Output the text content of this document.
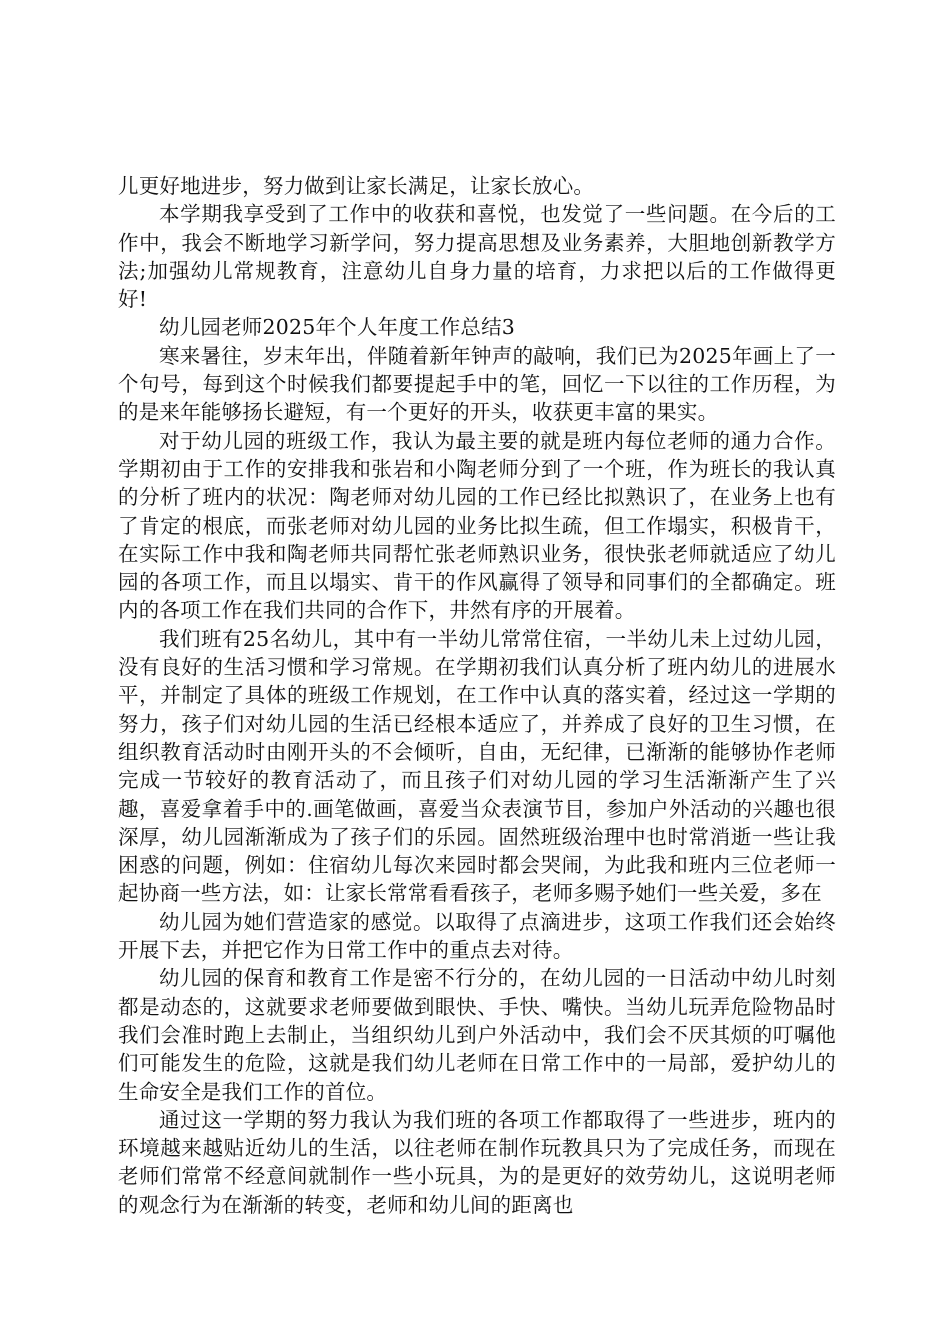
儿更好地进步，努力做到让家长满足，让家长放心。

本学期我享受到了工作中的收获和喜悦，也发觉了一些问题。在今后的工作中，我会不断地学习新学问，努力提高思想及业务素养，大胆地创新教学方法;加强幼儿常规教育，注意幼儿自身力量的培育，力求把以后的工作做得更好!

幼儿园老师2025年个人年度工作总结3

寒来暑往，岁末年出，伴随着新年钟声的敲响，我们已为2025年画上了一个句号，每到这个时候我们都要提起手中的笔，回忆一下以往的工作历程，为的是来年能够扬长避短，有一个更好的开头，收获更丰富的果实。

对于幼儿园的班级工作，我认为最主要的就是班内每位老师的通力合作。学期初由于工作的安排我和张岩和小陶老师分到了一个班，作为班长的我认真的分析了班内的状况：陶老师对幼儿园的工作已经比拟熟识了，在业务上也有了肯定的根底，而张老师对幼儿园的业务比拟生疏，但工作塌实，积极肯干，在实际工作中我和陶老师共同帮忙张老师熟识业务，很快张老师就适应了幼儿园的各项工作，而且以塌实、肯干的作风赢得了领导和同事们的全都确定。班内的各项工作在我们共同的合作下，井然有序的开展着。

我们班有25名幼儿，其中有一半幼儿常常住宿，一半幼儿未上过幼儿园，没有良好的生活习惯和学习常规。在学期初我们认真分析了班内幼儿的进展水平，并制定了具体的班级工作规划，在工作中认真的落实着，经过这一学期的努力，孩子们对幼儿园的生活已经根本适应了，并养成了良好的卫生习惯，在组织教育活动时由刚开头的不会倾听，自由，无纪律，已渐渐的能够协作老师完成一节较好的教育活动了，而且孩子们对幼儿园的学习生活渐渐产生了兴趣，喜爱拿着手中的.画笔做画，喜爱当众表演节目，参加户外活动的兴趣也很深厚，幼儿园渐渐成为了孩子们的乐园。固然班级治理中也时常消逝一些让我困惑的问题，例如：住宿幼儿每次来园时都会哭闹，为此我和班内三位老师一起协商一些方法，如：让家长常常看看孩子，老师多赐予她们一些关爱，多在

幼儿园为她们营造家的感觉。以取得了点滴进步，这项工作我们还会始终开展下去，并把它作为日常工作中的重点去对待。

幼儿园的保育和教育工作是密不行分的，在幼儿园的一日活动中幼儿时刻都是动态的，这就要求老师要做到眼快、手快、嘴快。当幼儿玩弄危险物品时我们会准时跑上去制止，当组织幼儿到户外活动中，我们会不厌其烦的叮嘱他们可能发生的危险，这就是我们幼儿老师在日常工作中的一局部，爱护幼儿的生命安全是我们工作的首位。

通过这一学期的努力我认为我们班的各项工作都取得了一些进步，班内的环境越来越贴近幼儿的生活，以往老师在制作玩教具只为了完成任务，而现在老师们常常不经意间就制作一些小玩具，为的是更好的效劳幼儿，这说明老师的观念行为在渐渐的转变，老师和幼儿间的距离也
